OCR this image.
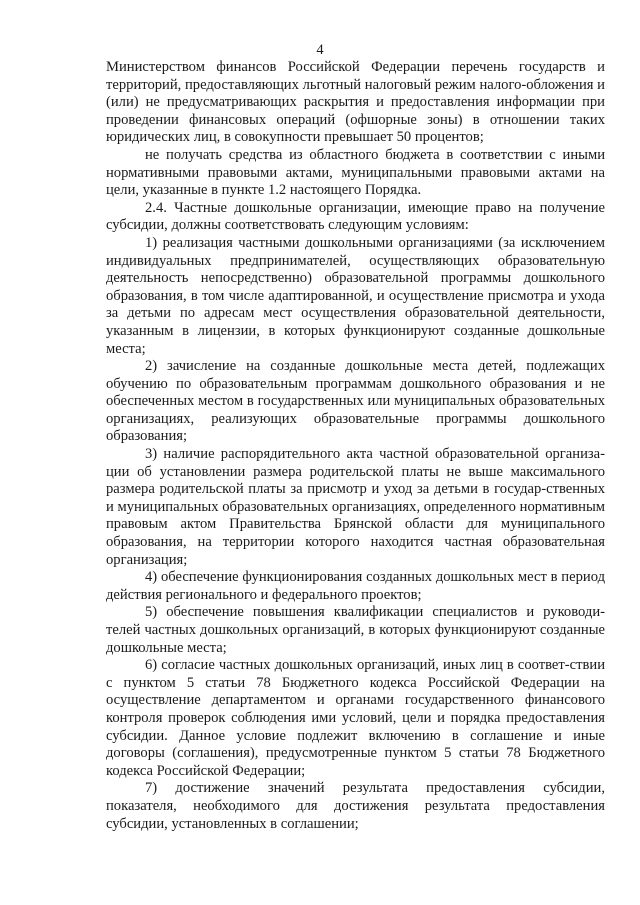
4

Министерством финансов Российской Федерации перечень государств и территорий, предоставляющих льготный налоговый режим налого-обложения и (или) не предусматривающих раскрытия и предоставления информации при проведении финансовых операций (офшорные зоны) в отношении таких юридических лиц, в совокупности превышает 50 процентов;

не получать средства из областного бюджета в соответствии с иными нормативными правовыми актами, муниципальными правовыми актами на цели, указанные в пункте 1.2 настоящего Порядка.

2.4. Частные дошкольные организации, имеющие право на получение субсидии, должны соответствовать следующим условиям:

1) реализация частными дошкольными организациями (за исключением индивидуальных предпринимателей, осуществляющих образовательную деятельность непосредственно) образовательной программы дошкольного образования, в том числе адаптированной, и осуществление присмотра и ухода за детьми по адресам мест осуществления образовательной деятельности, указанным в лицензии, в которых функционируют созданные дошкольные места;

2) зачисление на созданные дошкольные места детей, подлежащих обучению по образовательным программам дошкольного образования и не обеспеченных местом в государственных или муниципальных образовательных организациях, реализующих образовательные программы дошкольного образования;

3) наличие распорядительного акта частной образовательной организа-ции об установлении размера родительской платы не выше максимального размера родительской платы за присмотр и уход за детьми в государ-ственных и муниципальных образовательных организациях, определенного нормативным правовым актом Правительства Брянской области для муниципального образования, на территории которого находится частная образовательная организация;

4) обеспечение функционирования созданных дошкольных мест в период действия регионального и федерального проектов;

5) обеспечение повышения квалификации специалистов и руководи-телей частных дошкольных организаций, в которых функционируют созданные дошкольные места;

6) согласие частных дошкольных организаций, иных лиц в соответ-ствии с пунктом 5 статьи 78 Бюджетного кодекса Российской Федерации на осуществление департаментом и органами государственного финансового контроля проверок соблюдения ими условий, цели и порядка предоставления субсидии. Данное условие подлежит включению в соглашение и иные договоры (соглашения), предусмотренные пунктом 5 статьи 78 Бюджетного кодекса Российской Федерации;

7) достижение значений результата предоставления субсидии, показателя, необходимого для достижения результата предоставления субсидии, установленных в соглашении;
